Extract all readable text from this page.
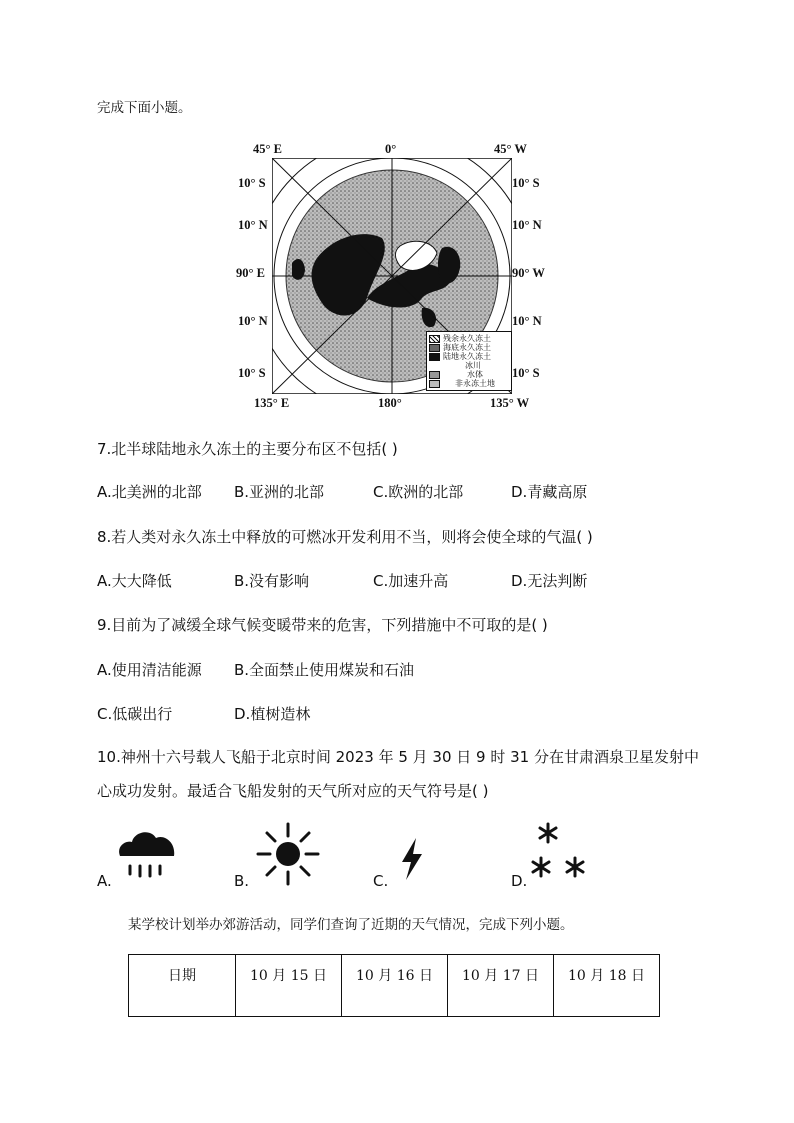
完成下面小题。
45° E	0°	45° W
10° S
10° N
90° E
10° N
10° S
10° S
10° N
90° W
10° N
10° S
135° E	180°	135° W
残余永久冻土
海底永久冻土
陆地永久冻土
冰川
水体
非永冻土地
7.北半球陆地永久冻土的主要分布区不包括( )
A.北美洲的北部 B.亚洲的北部	C.欧洲的北部	D.青藏高原
8.若人类对永久冻土中释放的可燃冰开发利用不当，则将会使全球的气温( )
A.大大降低	B.没有影响	C.加速升高	D.无法判断
9.目前为了减缓全球气候变暖带来的危害，下列措施中不可取的是( )
A.使用清洁能源 B.全面禁止使用煤炭和石油
C.低碳出行	D.植树造林
10.神州十六号载人飞船于北京时间 2023 年 5 月 30 日 9 时 31 分在甘肃酒泉卫星发射中
心成功发射。最适合飞船发射的天气所对应的天气符号是( )
A.	B.	C.	D.
某学校计划举办郊游活动，同学们查询了近期的天气情况，完成下列小题。
日期	10 月 15 日	10 月 16 日	10 月 17 日	10 月 18 日
